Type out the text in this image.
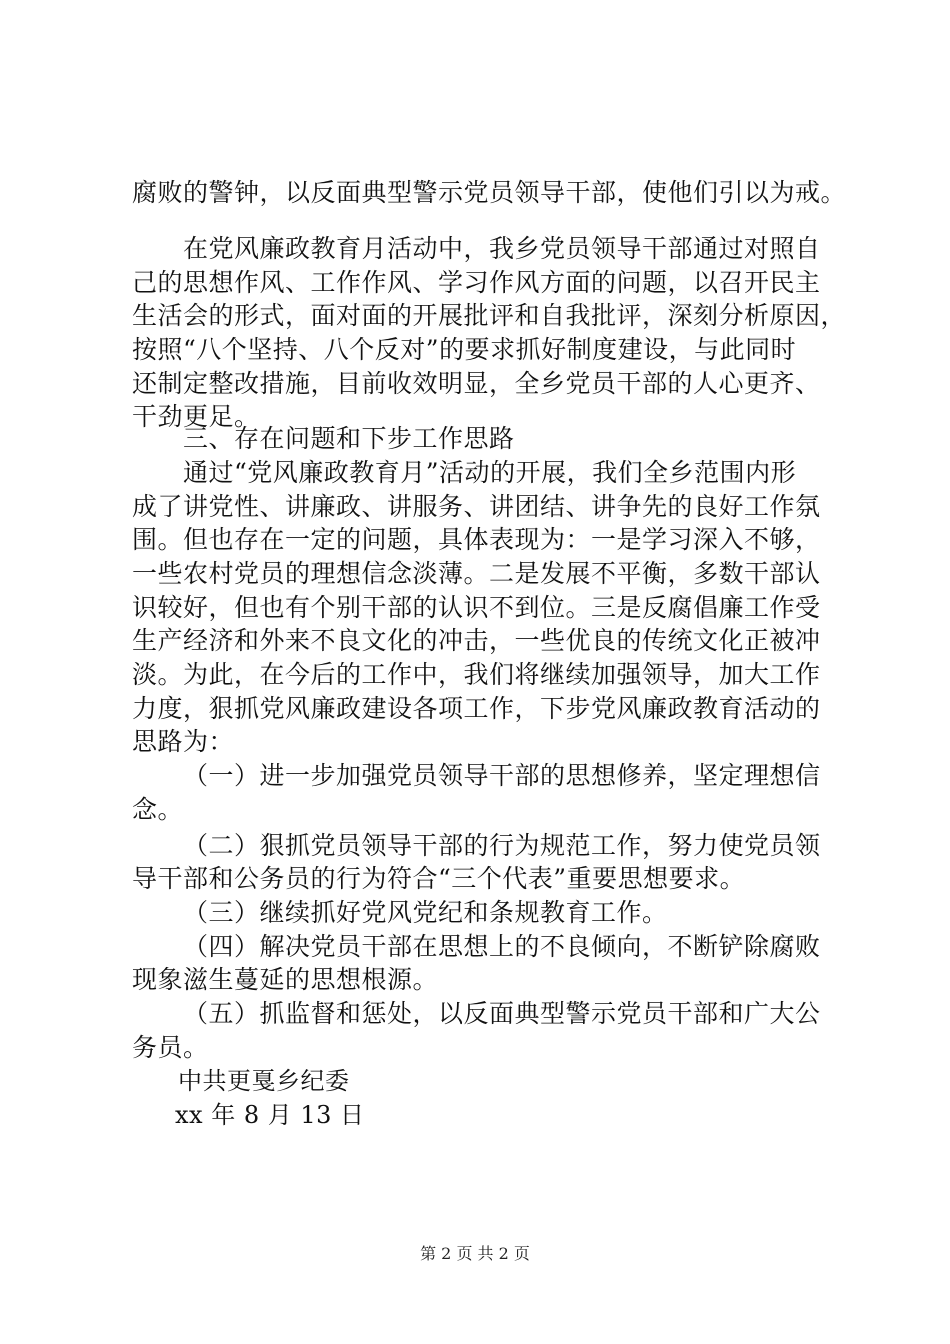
腐败的警钟，以反面典型警示党员领导干部，使他们引以为戒。
在党风廉政教育月活动中，我乡党员领导干部通过对照自
己的思想作风、工作作风、学习作风方面的问题，以召开民主
生活会的形式，面对面的开展批评和自我批评，深刻分析原因，
按照“八个坚持、八个反对”的要求抓好制度建设，与此同时
还制定整改措施，目前收效明显，全乡党员干部的人心更齐、
干劲更足。
三、存在问题和下步工作思路
通过“党风廉政教育月”活动的开展，我们全乡范围内形
成了讲党性、讲廉政、讲服务、讲团结、讲争先的良好工作氛
围。但也存在一定的问题，具体表现为：一是学习深入不够，
一些农村党员的理想信念淡薄。二是发展不平衡，多数干部认
识较好，但也有个别干部的认识不到位。三是反腐倡廉工作受
生产经济和外来不良文化的冲击，一些优良的传统文化正被冲
淡。为此，在今后的工作中，我们将继续加强领导，加大工作
力度，狠抓党风廉政建设各项工作，下步党风廉政教育活动的
思路为：
（一）进一步加强党员领导干部的思想修养，坚定理想信
念。
（二）狠抓党员领导干部的行为规范工作，努力使党员领
导干部和公务员的行为符合“三个代表”重要思想要求。
（三）继续抓好党风党纪和条规教育工作。
（四）解决党员干部在思想上的不良倾向，不断铲除腐败
现象滋生蔓延的思想根源。
（五）抓监督和惩处，以反面典型警示党员干部和广大公
务员。
中共更戛乡纪委
xx 年 8 月 13 日
第 2 页 共 2 页
